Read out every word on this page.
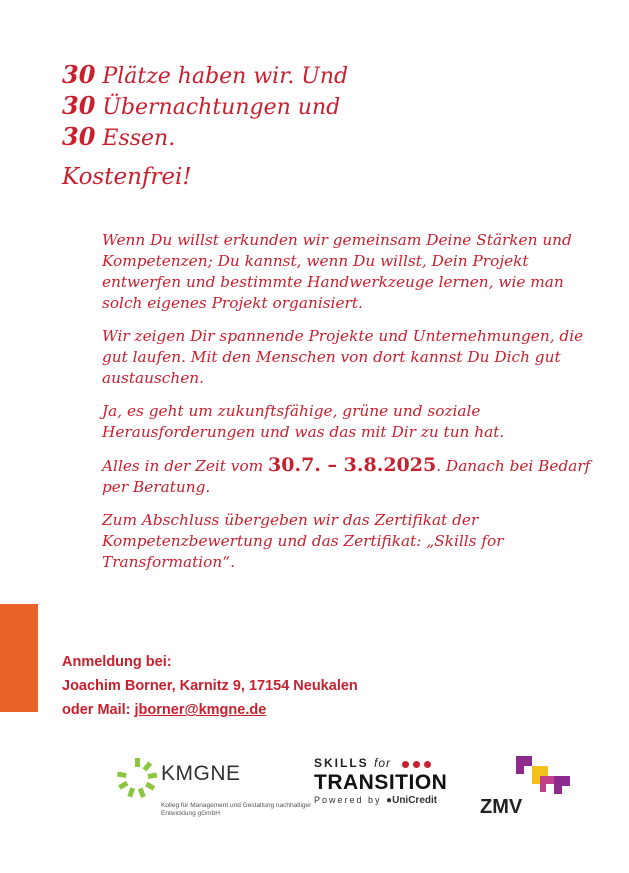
30 Plätze haben wir. Und
30 Übernachtungen und
30 Essen.
Kostenfrei!

Wenn Du willst erkunden wir gemeinsam Deine Stärken und Kompetenzen; Du kannst, wenn Du willst, Dein Projekt entwerfen und bestimmte Handwerkzeuge lernen, wie man solch eigenes Projekt organisiert.

Wir zeigen Dir spannende Projekte und Unternehmungen, die gut laufen. Mit den Menschen von dort kannst Du Dich gut austauschen.

Ja, es geht um zukunftsfähige, grüne und soziale Herausforderungen und was das mit Dir zu tun hat.

Alles in der Zeit vom 30.7. – 3.8.2025. Danach bei Bedarf per Beratung.

Zum Abschluss übergeben wir das Zertifikat der Kompetenzbewertung und das Zertifikat: „Skills for Transformation“.

Anmeldung bei:
Joachim Borner, Karnitz 9, 17154 Neukalen
oder Mail: jborner@kmgne.de
KMGNE
Kolleg für Management und Gestaltung nachhaltiger Entwicklung gGmbH
SKILLS for
TRANSITION
Powered by ●UniCredit	ZMV
